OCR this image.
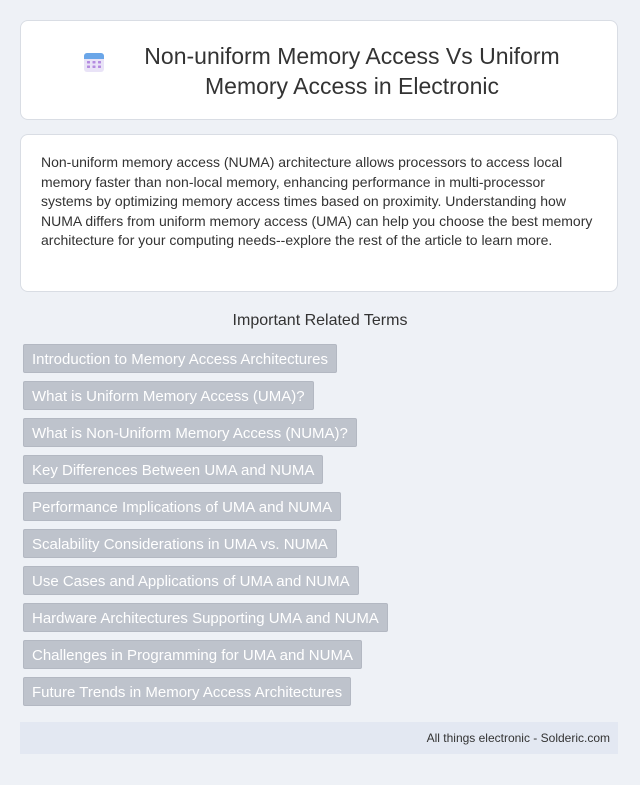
Non-uniform Memory Access Vs Uniform Memory Access in Electronic
Non-uniform memory access (NUMA) architecture allows processors to access local memory faster than non-local memory, enhancing performance in multi-processor systems by optimizing memory access times based on proximity. Understanding how NUMA differs from uniform memory access (UMA) can help you choose the best memory architecture for your computing needs--explore the rest of the article to learn more.
Important Related Terms
Introduction to Memory Access Architectures
What is Uniform Memory Access (UMA)?
What is Non-Uniform Memory Access (NUMA)?
Key Differences Between UMA and NUMA
Performance Implications of UMA and NUMA
Scalability Considerations in UMA vs. NUMA
Use Cases and Applications of UMA and NUMA
Hardware Architectures Supporting UMA and NUMA
Challenges in Programming for UMA and NUMA
Future Trends in Memory Access Architectures
All things electronic - Solderic.com
